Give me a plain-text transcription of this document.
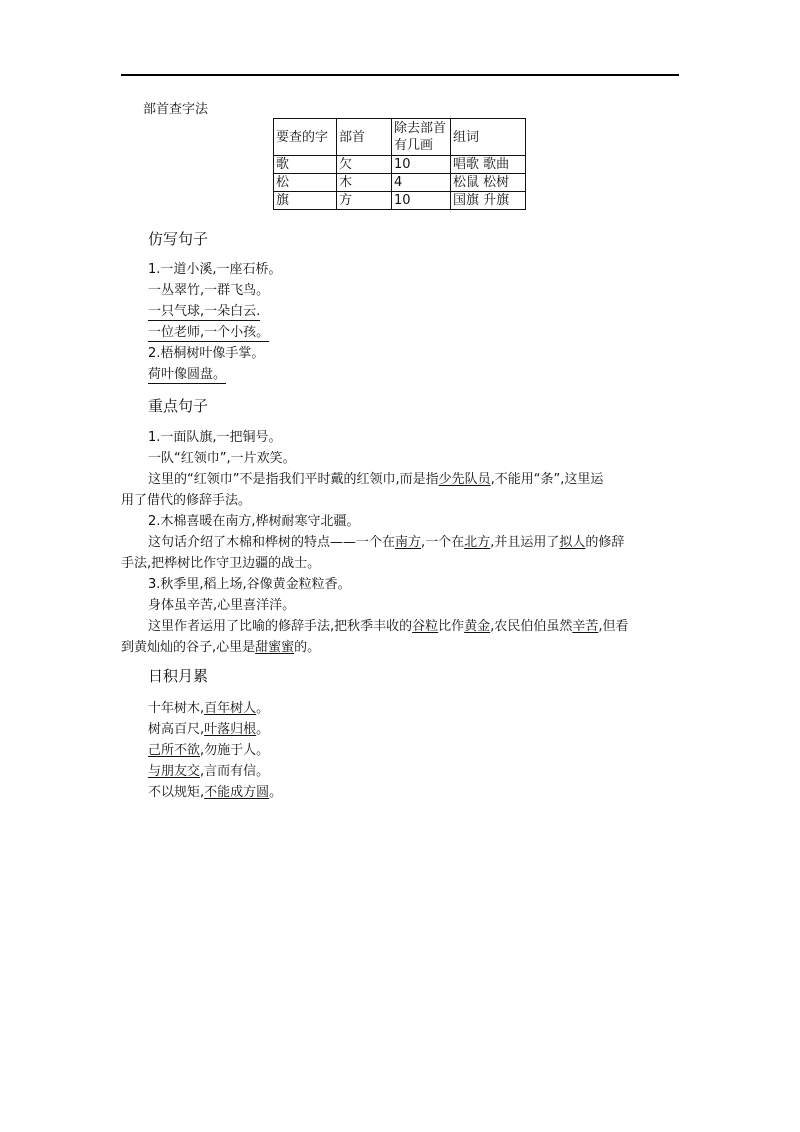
部首查字法
要查的字	部首	除去部首有几画	组词
歌	欠	10	唱歌 歌曲
松	木	4	松鼠 松树
旗	方	10	国旗 升旗
仿写句子
1.一道小溪,一座石桥。
一丛翠竹,一群飞鸟。
一只气球,一朵白云.
一位老师,一个小孩。
2.梧桐树叶像手掌。
荷叶像圆盘。
重点句子
1.一面队旗,一把铜号。
一队“红领巾”,一片欢笑。
这里的“红领巾”不是指我们平时戴的红领巾,而是指少先队员,不能用“条”,这里运
用了借代的修辞手法。
2.木棉喜暖在南方,桦树耐寒守北疆。
这句话介绍了木棉和桦树的特点——一个在南方,一个在北方,并且运用了拟人的修辞
手法,把桦树比作守卫边疆的战士。
3.秋季里,稻上场,谷像黄金粒粒香。
身体虽辛苦,心里喜洋洋。
这里作者运用了比喻的修辞手法,把秋季丰收的谷粒比作黄金,农民伯伯虽然辛苦,但看
到黄灿灿的谷子,心里是甜蜜蜜的。
日积月累
十年树木,百年树人。
树高百尺,叶落归根。
己所不欲,勿施于人。
与朋友交,言而有信。
不以规矩,不能成方圆。
